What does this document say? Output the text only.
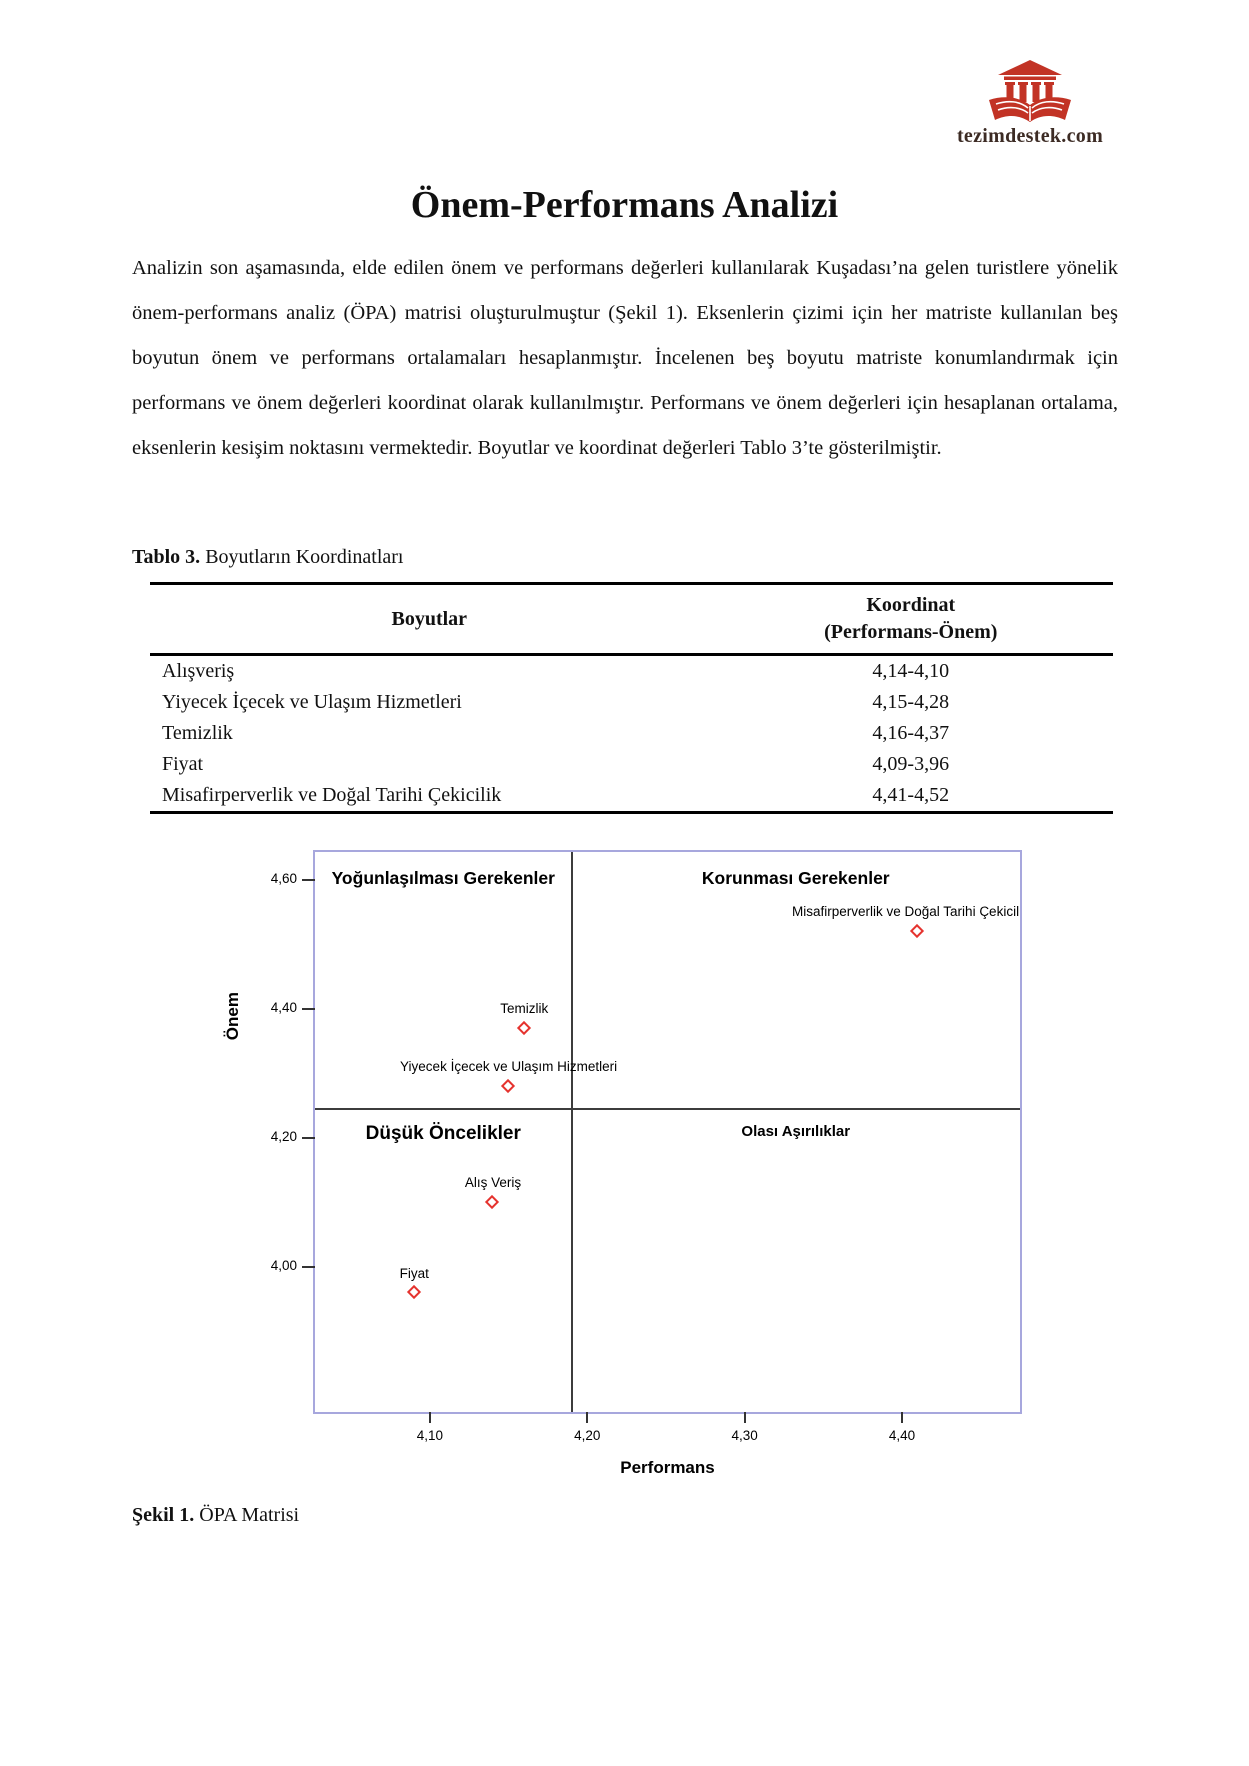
tezimdestek.com
Önem-Performans Analizi

Analizin son aşamasında, elde edilen önem ve performans değerleri kullanılarak Kuşadası’na gelen turistlere yönelik önem-performans analiz (ÖPA) matrisi oluşturulmuştur (Şekil 1). Eksenlerin çizimi için her matriste kullanılan beş boyutun önem ve performans ortalamaları hesaplanmıştır. İncelenen beş boyutu matriste konumlandırmak için performans ve önem değerleri koordinat olarak kullanılmıştır. Performans ve önem değerleri için hesaplanan ortalama, eksenlerin kesişim noktasını vermektedir. Boyutlar ve koordinat değerleri Tablo 3’te gösterilmiştir.

Tablo 3. Boyutların Koordinatları

Boyutlar	Koordinat
(Performans-Önem)

Alışveriş	4,14-4,10
Yiyecek İçecek ve Ulaşım Hizmetleri	4,15-4,28
Temizlik	4,16-4,37
Fiyat	4,09-3,96
Misafirperverlik ve Doğal Tarihi Çekicilik	4,41-4,52
Yoğunlaşılması Gerekenler	Korunması Gerekenler
Düşük Öncelikler	Olası Aşırılıklar
Alış Veriş
Yiyecek İçecek ve Ulaşım Hizmetleri
Temizlik
Fiyat
Misafirperverlik ve Doğal Tarihi Çekicil
Önem
Performans
4,10	4,20	4,30	4,40
4,60
4,40
4,20
4,00

Şekil 1. ÖPA Matrisi
